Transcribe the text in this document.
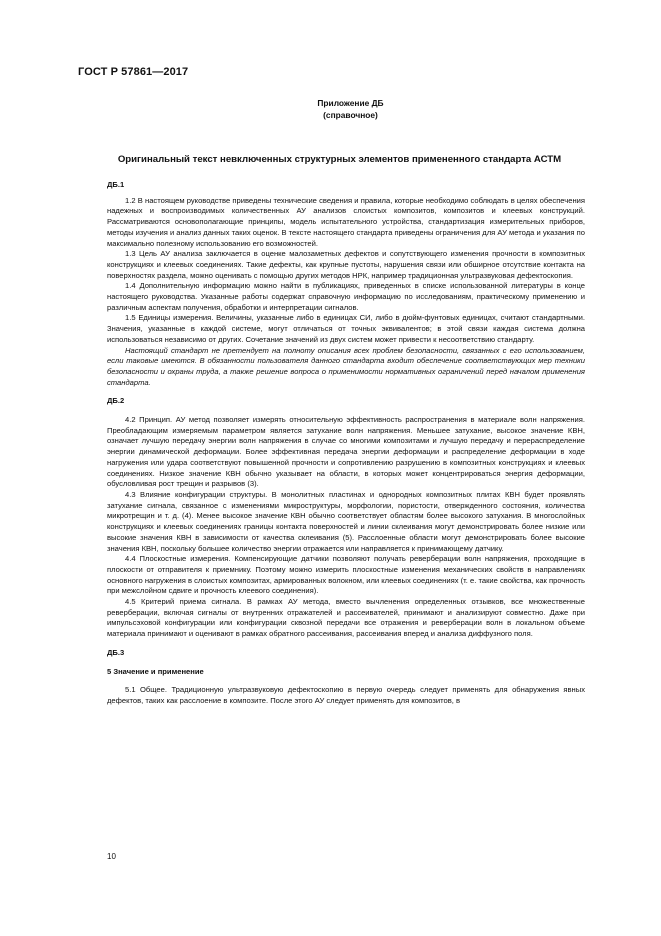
ГОСТ Р 57861—2017
Приложение ДБ
(справочное)
Оригинальный текст невключенных структурных элементов примененного стандарта АСТМ

ДБ.1

1.2 В настоящем руководстве приведены технические сведения и правила, которые необходимо соблюдать в целях обеспечения надежных и воспроизводимых количественных АУ анализов слоистых композитов, композитов и клеевых конструкций. Рассматриваются основополагающие принципы, модель испытательного устройства, стандартизация измерительных приборов, методы изучения и анализ данных таких оценок. В тексте настоящего стандарта приведены ограничения для АУ метода и указания по максимально полезному использованию его возможностей.

1.3 Цель АУ анализа заключается в оценке малозаметных дефектов и сопутствующего изменения прочности в композитных конструкциях и клеевых соединениях. Такие дефекты, как крупные пустоты, нарушения связи или обширное отсутствие контакта на поверхностях раздела, можно оценивать с помощью других методов НРК, например традиционная ультразвуковая дефектоскопия.

1.4 Дополнительную информацию можно найти в публикациях, приведенных в списке использованной литературы в конце настоящего руководства. Указанные работы содержат справочную информацию по исследованиям, практическому применению и различным аспектам получения, обработки и интерпретации сигналов.

1.5 Единицы измерения. Величины, указанные либо в единицах СИ, либо в дюйм-фунтовых единицах, считают стандартными. Значения, указанные в каждой системе, могут отличаться от точных эквивалентов; в этой связи каждая система должна использоваться независимо от других. Сочетание значений из двух систем может привести к несоответствию стандарту.

Настоящий стандарт не претендует на полноту описания всех проблем безопасности, связанных с его использованием, если таковые имеются. В обязанности пользователя данного стандарта входит обеспечение соответствующих мер техники безопасности и охраны труда, а также решение вопроса о применимости нормативных ограничений перед началом применения стандарта.

ДБ.2

4.2 Принцип. АУ метод позволяет измерять относительную эффективность распространения в материале волн напряжения. Преобладающим измеряемым параметром является затухание волн напряжения. Меньшее затухание, высокое значение КВН, означает лучшую передачу энергии волн напряжения в случае со многими композитами и лучшую передачу и перераспределение энергии динамической деформации. Более эффективная передача энергии деформации и распределение деформации в ходе нагружения или удара соответствуют повышенной прочности и сопротивлению разрушению в композитных конструкциях и клеевых соединениях. Низкое значение КВН обычно указывает на области, в которых может концентрироваться энергия деформации, обусловливая рост трещин и разрывов (3).

4.3 Влияние конфигурации структуры. В монолитных пластинах и однородных композитных плитах КВН будет проявлять затухание сигнала, связанное с изменениями микроструктуры, морфологии, пористости, отвержденного состояния, количества микротрещин и т. д. (4). Менее высокое значение КВН обычно соответствует областям более высокого затухания. В многослойных конструкциях и клеевых соединениях границы контакта поверхностей и линии склеивания могут демонстрировать более низкие или высокие значения КВН в зависимости от качества склеивания (5). Расслоенные области могут демонстрировать более высокие значения КВН, поскольку большее количество энергии отражается или направляется к принимающему датчику.

4.4 Плоскостные измерения. Компенсирующие датчики позволяют получать реверберации волн напряжения, проходящие в плоскости от отправителя к приемнику. Поэтому можно измерить плоскостные изменения механических свойств в направлениях основного нагружения в слоистых композитах, армированных волокном, или клеевых соединениях (т. е. такие свойства, как прочность при межслойном сдвиге и прочность клеевого соединения).

4.5 Критерий приема сигнала. В рамках АУ метода, вместо вычленения определенных отзывков, все множественные реверберации, включая сигналы от внутренних отражателей и рассеивателей, принимают и анализируют совместно. Даже при импульсэховой конфигурации или конфигурации сквозной передачи все отражения и реверберации волн в локальном объеме материала принимают и оценивают в рамках обратного рассеивания, рассеивания вперед и анализа диффузного поля.

ДБ.3

5 Значение и применение

5.1 Общее. Традиционную ультразвуковую дефектоскопию в первую очередь следует применять для обнаружения явных дефектов, таких как расслоение в композите. После этого АУ следует применять для композитов, в

10
